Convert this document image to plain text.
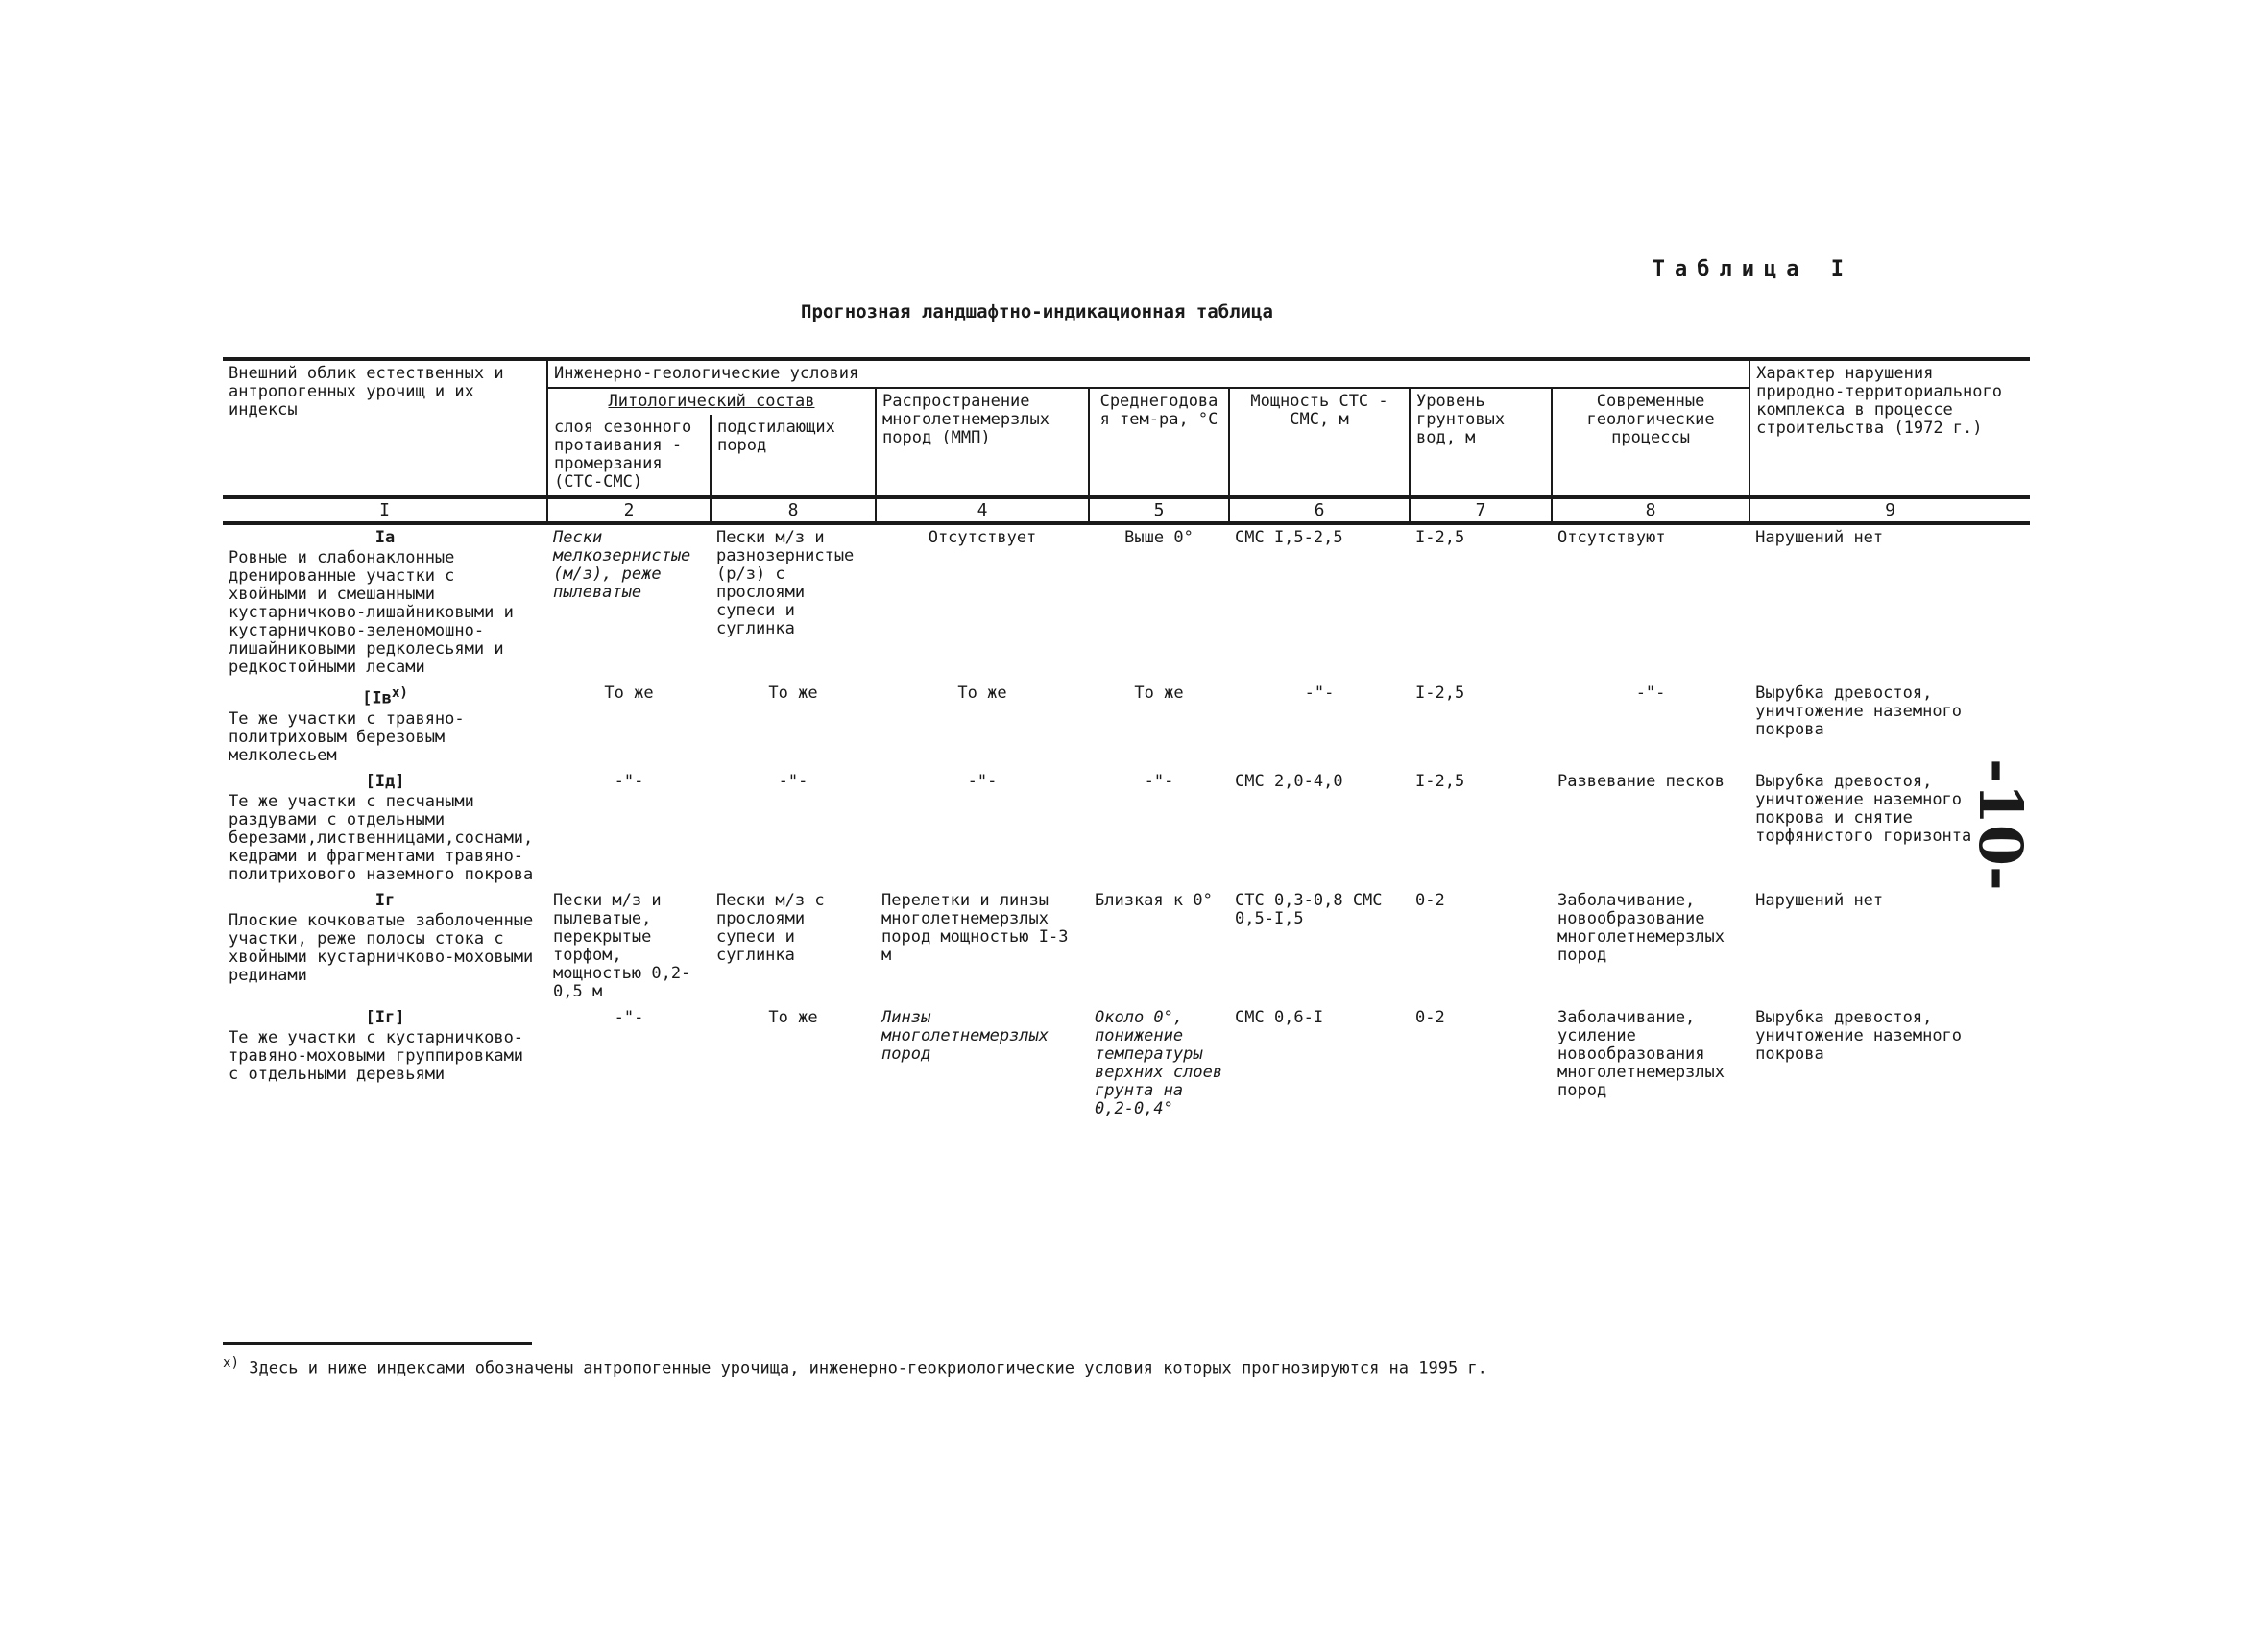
Таблица I
Прогнозная ландшафтно-индикационная таблица
Внешний облик естественных и антропогенных урочищ и их индексы	Инженерно-геологические условия							Характер нарушения природно-территориального комплекса в процессе строительства (1972 г.)
	Литологический состав		Распространение многолетнемерзлых пород (ММП)	Среднегодовая тем-ра, °С	Мощность СТС - СМС, м	Уровень грунтовых вод, м	Современные геологические процессы	
	слоя сезонного протаивания - промерзания (СТС-СМС)	подстилающих пород						
I	2	8	4	5	6	7	8	9

Iа
Ровные и слабонаклонные дренированные участки с хвойными и смешанными кустарничково-лишайниковыми и кустарничково-зеленомошно-лишайниковыми редколесьями и редкостойными лесами	Пески мелкозернистые (м/з), реже пылеватые	Пески м/з и разнозернистые (р/з) с прослоями супеси и суглинка	Отсутствует	Выше 0°	СМС I,5-2,5	I-2,5	Отсутствуют	Нарушений нет

[$Iв^{x)}$
Те же участки с травяно-политриховым березовым мелколесьем	То же	То же	То же	То же	-"-	I-2,5	-"-	Вырубка древостоя, уничтожение наземного покрова

[Iд]
Те же участки с песчаными раздувами с отдельными березами,лиственницами,соснами,кедрами и фрагментами травяно-политрихового наземного покрова	-"-	-"-	-"-	-"-	СМС 2,0-4,0	I-2,5	Развевание песков	Вырубка древостоя, уничтожение наземного покрова и снятие торфянистого горизонта

Iг
Плоские кочковатые заболоченные участки, реже полосы стока с хвойными кустарничково-моховыми рединами	Пески м/з и пылеватые, перекрытые торфом, мощностью 0,2-0,5 м	Пески м/з с прослоями супеси и суглинка	Перелетки и линзы многолетнемерзлых пород мощностью I-3 м	Близкая к 0°	СТС 0,3-0,8 СМС 0,5-I,5	0-2	Заболачивание, новообразование многолетнемерзлых пород	Нарушений нет

[Iг]
Те же участки с кустарничково-травяно-моховыми группировками с отдельными деревьями	-"-	То же	Линзы многолетнемерзлых пород	Около 0°, понижение температуры верхних слоев грунта на 0,2-0,4°	СМС 0,6-I	0-2	Заболачивание, усиление новообразования многолетнемерзлых пород	Вырубка древостоя, уничтожение наземного покрова
$^{x)}$ Здесь и ниже индексами обозначены антропогенные урочища, инженерно-геокриологические условия которых прогнозируются на 1995 г.
-10-
